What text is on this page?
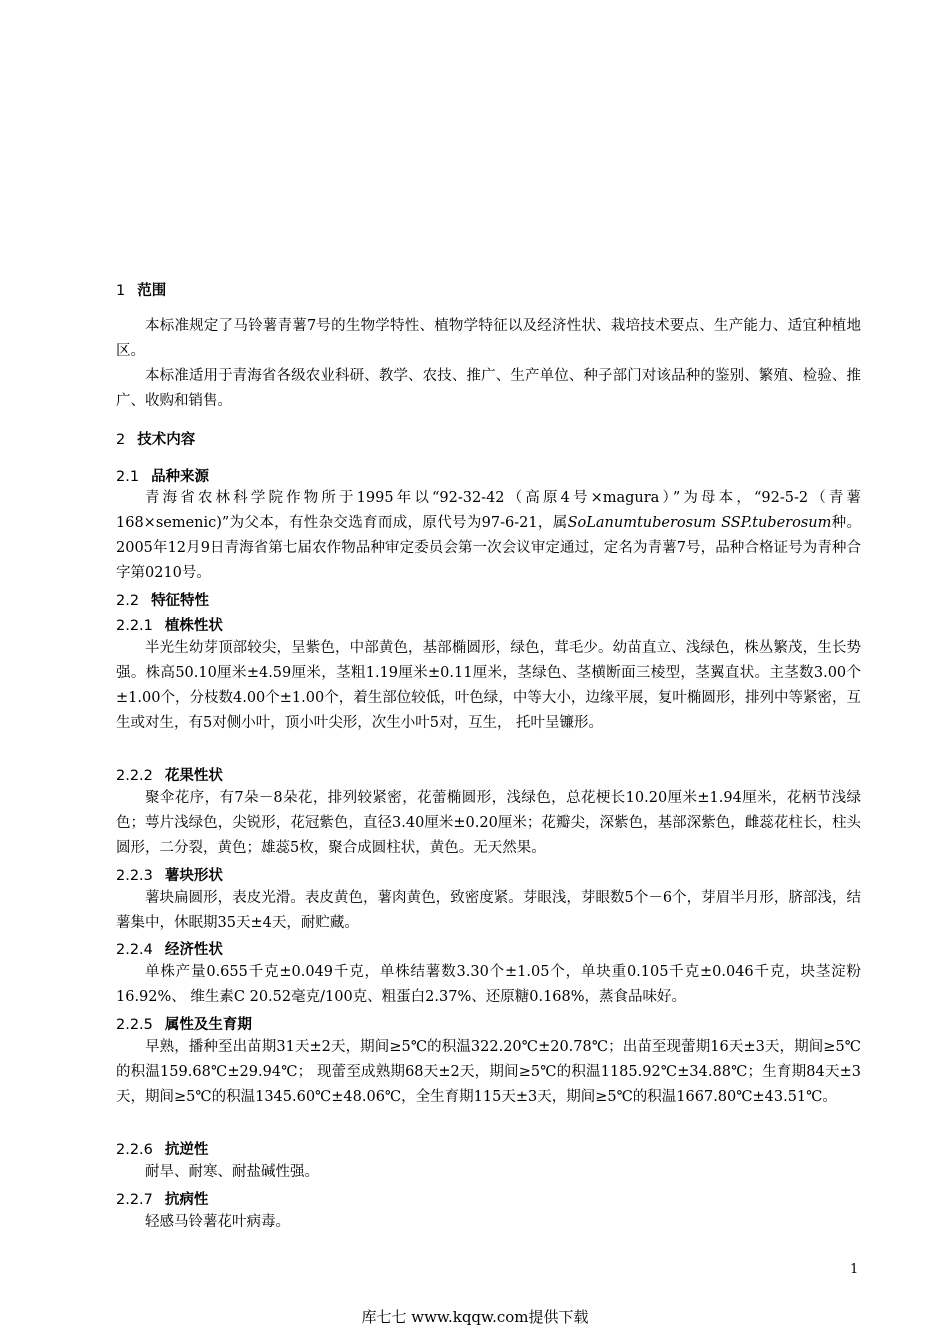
1 范围
本标准规定了马铃薯青薯7号的生物学特性、植物学特征以及经济性状、栽培技术要点、生产能力、适宜种植地区。
本标准适用于青海省各级农业科研、教学、农技、推广、生产单位、种子部门对该品种的鉴别、繁殖、检验、推广、收购和销售。
2 技术内容
2.1 品种来源
青海省农林科学院作物所于1995年以“92-32-42（高原4号×magura）”为母本，“92-5-2（青薯168×semenic)”为父本，有性杂交选育而成，原代号为97-6-21，属SoLanumtuberosum SSP.tuberosum种。2005年12月9日青海省第七届农作物品种审定委员会第一次会议审定通过，定名为青薯7号，品种合格证号为青种合字第0210号。
2.2 特征特性
2.2.1 植株性状
半光生幼芽顶部较尖，呈紫色，中部黄色，基部椭圆形，绿色，茸毛少。幼苗直立、浅绿色，株丛繁茂，生长势强。株高50.10厘米±4.59厘米，茎粗1.19厘米±0.11厘米，茎绿色、茎横断面三棱型，茎翼直状。主茎数3.00个±1.00个，分枝数4.00个±1.00个，着生部位较低，叶色绿，中等大小，边缘平展，复叶椭圆形，排列中等紧密，互生或对生，有5对侧小叶，顶小叶尖形，次生小叶5对，互生， 托叶呈镰形。
2.2.2 花果性状
聚伞花序，有7朵－8朵花，排列较紧密，花蕾椭圆形，浅绿色，总花梗长10.20厘米±1.94厘米，花柄节浅绿色；萼片浅绿色，尖锐形，花冠紫色，直径3.40厘米±0.20厘米；花瓣尖，深紫色，基部深紫色，雌蕊花柱长，柱头圆形，二分裂，黄色；雄蕊5枚，聚合成圆柱状，黄色。无天然果。
2.2.3 薯块形状
薯块扁圆形，表皮光滑。表皮黄色，薯肉黄色，致密度紧。芽眼浅，芽眼数5个－6个，芽眉半月形，脐部浅，结薯集中，休眠期35天±4天，耐贮藏。
2.2.4 经济性状
单株产量0.655千克±0.049千克，单株结薯数3.30个±1.05个，单块重0.105千克±0.046千克，块茎淀粉16.92%、 维生素C 20.52毫克/100克、粗蛋白2.37%、还原糖0.168%，蒸食品味好。
2.2.5 属性及生育期
早熟，播种至出苗期31天±2天，期间≥5℃的积温322.20℃±20.78℃；出苗至现蕾期16天±3天，期间≥5℃的积温159.68℃±29.94℃； 现蕾至成熟期68天±2天，期间≥5℃的积温1185.92℃±34.88℃；生育期84天±3天，期间≥5℃的积温1345.60℃±48.06℃，全生育期115天±3天，期间≥5℃的积温1667.80℃±43.51℃。
2.2.6 抗逆性
耐旱、耐寒、耐盐碱性强。
2.2.7 抗病性
轻感马铃薯花叶病毒。
1
库七七 www.kqqw.com提供下载
